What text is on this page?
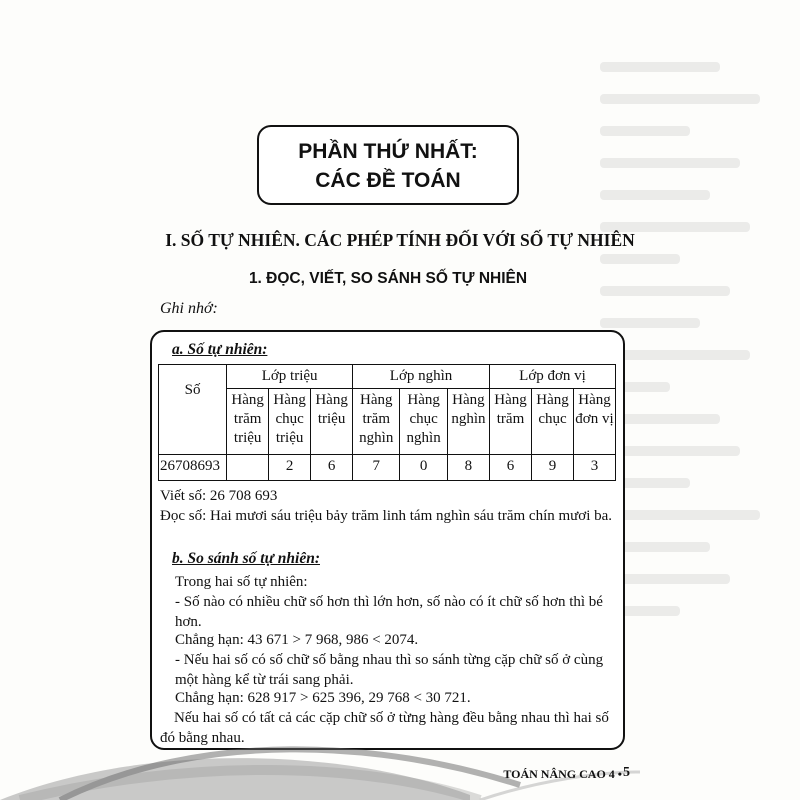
PHẦN THỨ NHẤT:
CÁC ĐỀ TOÁN
I. SỐ TỰ NHIÊN. CÁC PHÉP TÍNH ĐỐI VỚI SỐ TỰ NHIÊN
1. ĐỌC, VIẾT, SO SÁNH SỐ TỰ NHIÊN
Ghi nhớ:
a. Số tự nhiên:
Số	Lớp triệu			Lớp nghìn			Lớp đơn vị		
	Hàng trăm triệu	Hàng chục triệu	Hàng triệu	Hàng trăm nghìn	Hàng chục nghìn	Hàng nghìn	Hàng trăm	Hàng chục	Hàng đơn vị
26708693		2	6	7	0	8	6	9	3
Viết số: 26 708 693
Đọc số: Hai mươi sáu triệu bảy trăm linh tám nghìn sáu trăm chín mươi ba.
b. So sánh số tự nhiên:
Trong hai số tự nhiên:
- Số nào có nhiều chữ số hơn thì lớn hơn, số nào có ít chữ số hơn thì bé hơn.
Chẳng hạn: 43 671 > 7 968, 986 < 2074.
- Nếu hai số có số chữ số bằng nhau thì so sánh từng cặp chữ số ở cùng một hàng kể từ trái sang phải.
Chẳng hạn: 628 917 > 625 396, 29 768 < 30 721.
Nếu hai số có tất cả các cặp chữ số ở từng hàng đều bằng nhau thì hai số đó bằng nhau.
TOÁN NÂNG CAO 4 • 5
